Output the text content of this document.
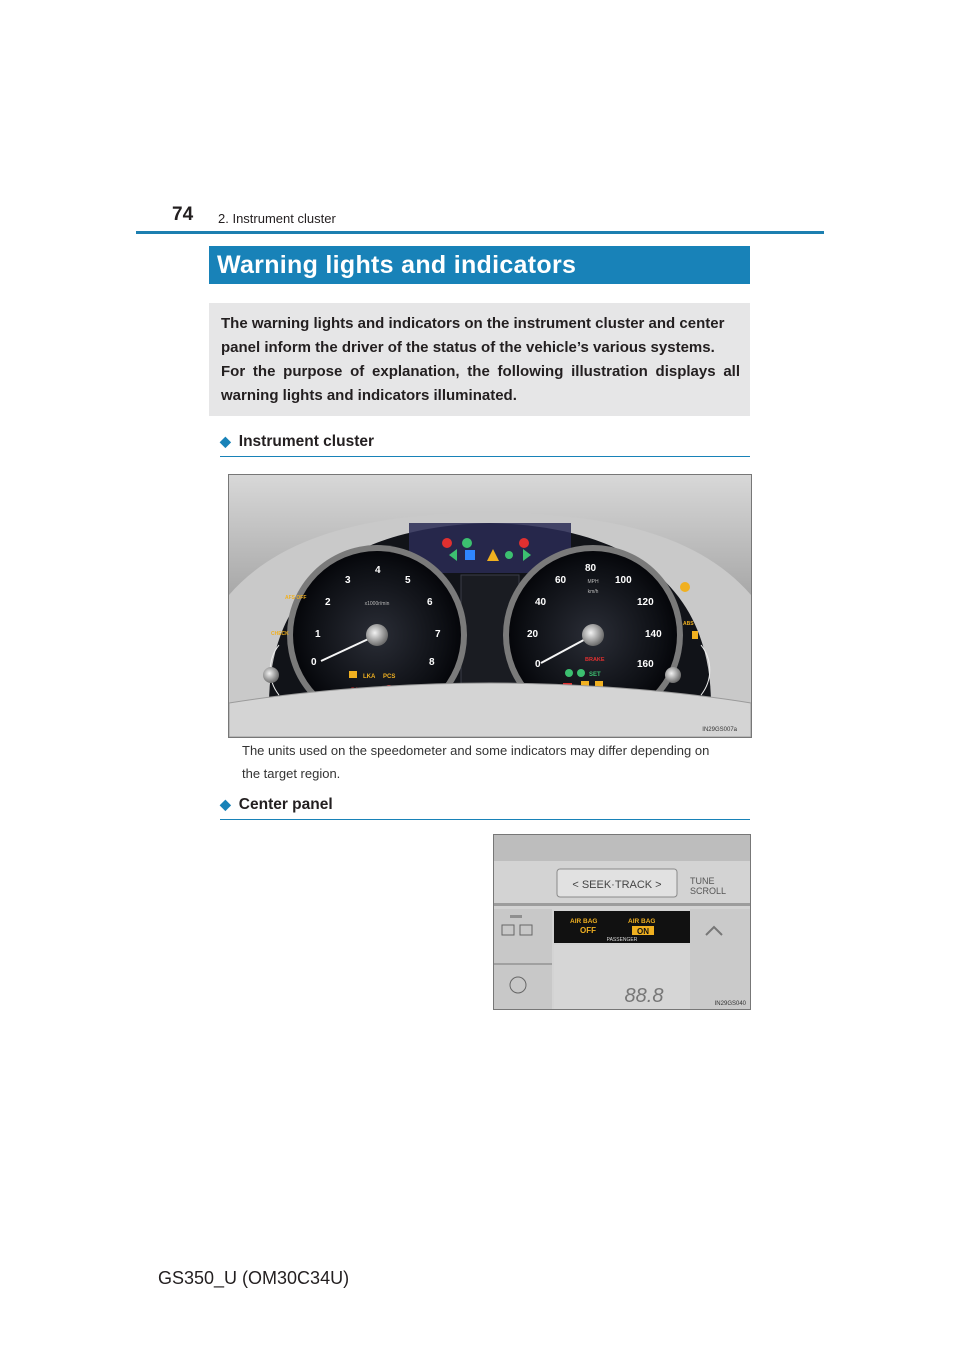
74 2. Instrument cluster
Warning lights and indicators

The warning lights and indicators on the instrument cluster and center

panel inform the driver of the status of the vehicle’s various systems.

For the purpose of explanation, the following illustration displays all

warning lights and indicators illuminated.

◆ Instrument cluster
x1000r/min
0
1
2
3
4
5
6
7
8
LKA PCS
MPH
km/h
0
20
40
60
80
100
120
140
160
BRAKE
SET
AFS OFF
CHECK
ABS
IN29GS007a
The units used on the speedometer and some indicators may differ depending on
the target region.
◆ Center panel
< SEEK·TRACK >	TUNE
SCROLL
AIR BAG
OFF
AIR BAG
ON
PASSENGER
88.8	IN29GS040
GS350_U (OM30C34U)
